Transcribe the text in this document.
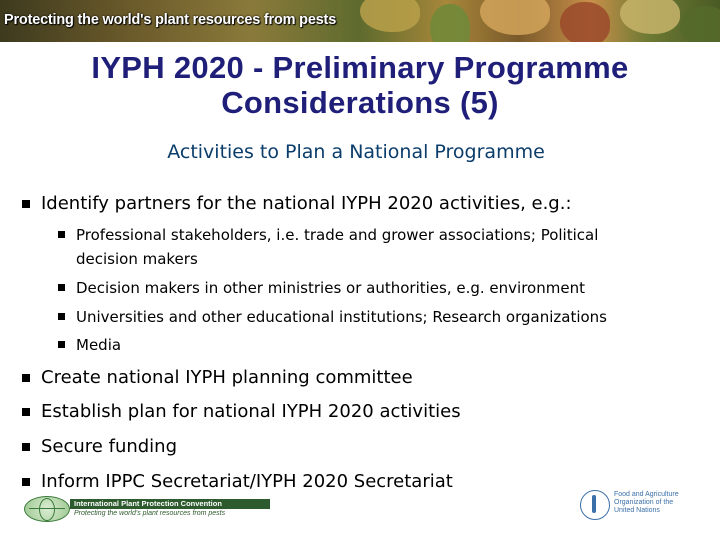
Protecting the world's plant resources from pests
IYPH 2020 - Preliminary Programme
Considerations (5)
Activities to Plan a National Programme
Identify partners for the national IYPH 2020 activities, e.g.:
Professional stakeholders, i.e. trade and grower associations; Political
decision makers
Decision makers in other ministries or authorities, e.g. environment
Universities and other educational institutions; Research organizations
Media
Create national IYPH planning committee
Establish plan for national IYPH 2020 activities
Secure funding
Inform IPPC Secretariat/IYPH 2020 Secretariat
International Plant Protection Convention
Protecting the world's plant resources from pests
Food and Agriculture
Organization of the
United Nations
